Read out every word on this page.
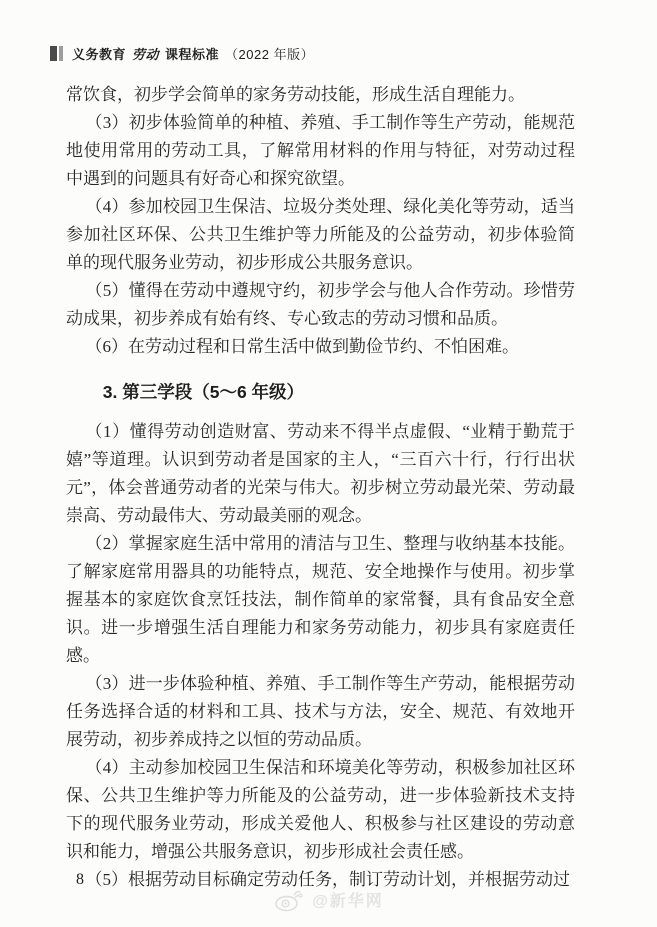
义务教育 劳动 课程标准 （2022 年版）

常饮食，初步学会简单的家务劳动技能，形成生活自理能力。

（3）初步体验简单的种植、养殖、手工制作等生产劳动，能规范地使用常用的劳动工具，了解常用材料的作用与特征，对劳动过程中遇到的问题具有好奇心和探究欲望。

（4）参加校园卫生保洁、垃圾分类处理、绿化美化等劳动，适当参加社区环保、公共卫生维护等力所能及的公益劳动，初步体验简单的现代服务业劳动，初步形成公共服务意识。

（5）懂得在劳动中遵规守约，初步学会与他人合作劳动。珍惜劳动成果，初步养成有始有终、专心致志的劳动习惯和品质。

（6）在劳动过程和日常生活中做到勤俭节约、不怕困难。

3. 第三学段（5～6 年级）

（1）懂得劳动创造财富、劳动来不得半点虚假、“业精于勤荒于嬉”等道理。认识到劳动者是国家的主人，“三百六十行，行行出状元”，体会普通劳动者的光荣与伟大。初步树立劳动最光荣、劳动最崇高、劳动最伟大、劳动最美丽的观念。

（2）掌握家庭生活中常用的清洁与卫生、整理与收纳基本技能。了解家庭常用器具的功能特点，规范、安全地操作与使用。初步掌握基本的家庭饮食烹饪技法，制作简单的家常餐，具有食品安全意识。进一步增强生活自理能力和家务劳动能力，初步具有家庭责任感。

（3）进一步体验种植、养殖、手工制作等生产劳动，能根据劳动任务选择合适的材料和工具、技术与方法，安全、规范、有效地开展劳动，初步养成持之以恒的劳动品质。

（4）主动参加校园卫生保洁和环境美化等劳动，积极参加社区环保、公共卫生维护等力所能及的公益劳动，进一步体验新技术支持下的现代服务业劳动，形成关爱他人、积极参与社区建设的劳动意识和能力，增强公共服务意识，初步形成社会责任感。

（5）根据劳动目标确定劳动任务，制订劳动计划，并根据劳动过

8
@新华网
